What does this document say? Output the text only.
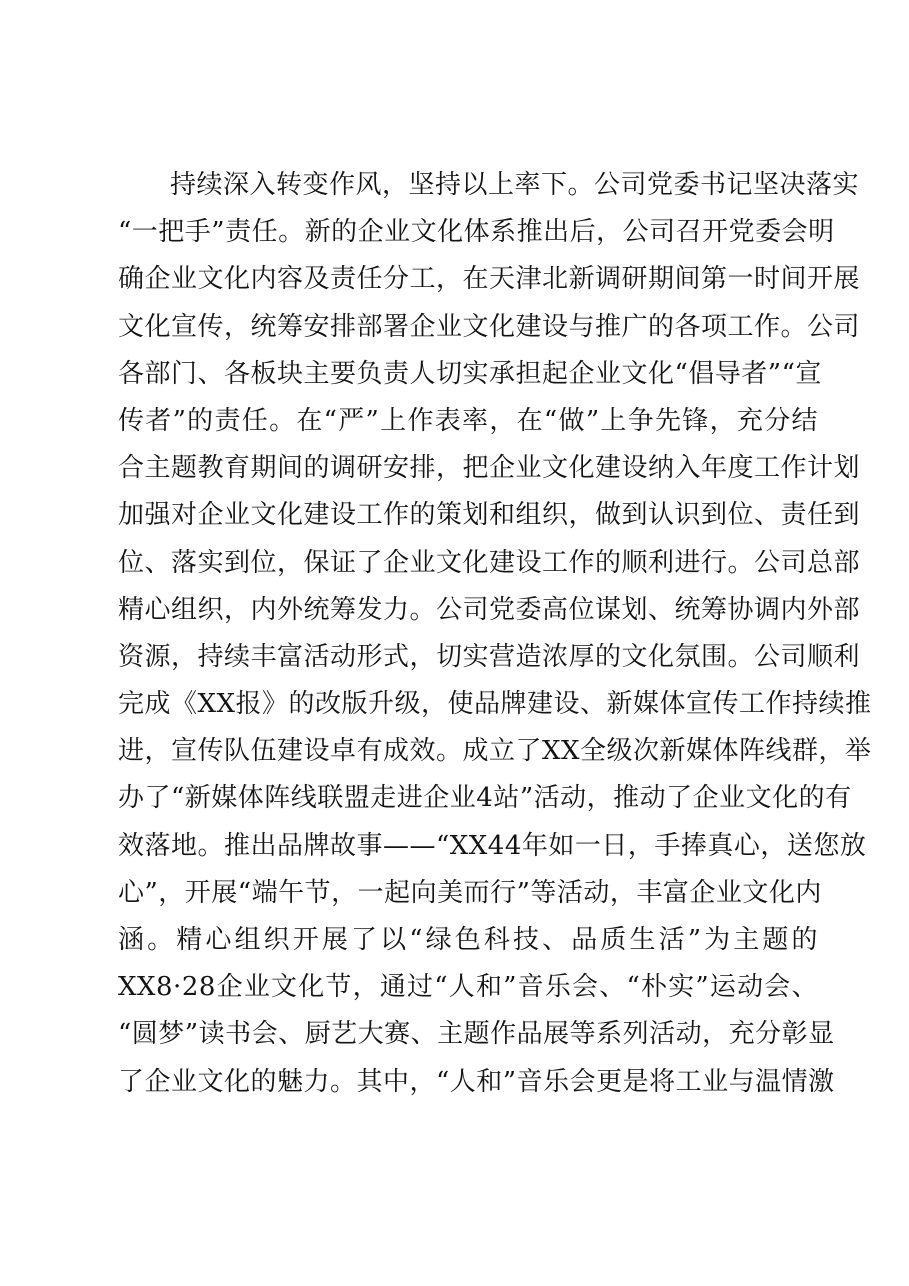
持续深入转变作风，坚持以上率下。公司党委书记坚决落实
“一把手”责任。新的企业文化体系推出后，公司召开党委会明
确企业文化内容及责任分工，在天津北新调研期间第一时间开展
文化宣传，统筹安排部署企业文化建设与推广的各项工作。公司
各部门、各板块主要负责人切实承担起企业文化“倡导者”“宣
传者”的责任。在“严”上作表率，在“做”上争先锋，充分结
合主题教育期间的调研安排，把企业文化建设纳入年度工作计划
加强对企业文化建设工作的策划和组织，做到认识到位、责任到
位、落实到位，保证了企业文化建设工作的顺利进行。公司总部
精心组织，内外统筹发力。公司党委高位谋划、统筹协调内外部
资源，持续丰富活动形式，切实营造浓厚的文化氛围。公司顺利
完成《XX报》的改版升级，使品牌建设、新媒体宣传工作持续推
进，宣传队伍建设卓有成效。成立了XX全级次新媒体阵线群，举
办了“新媒体阵线联盟走进企业4站”活动，推动了企业文化的有
效落地。推出品牌故事——“XX44年如一日，手捧真心，送您放
心”，开展“端午节，一起向美而行”等活动，丰富企业文化内
涵。精心组织开展了以“绿色科技、品质生活”为主题的
XX8·28企业文化节，通过“人和”音乐会、“朴实”运动会、
“圆梦”读书会、厨艺大赛、主题作品展等系列活动，充分彰显
了企业文化的魅力。其中，“人和”音乐会更是将工业与温情激
